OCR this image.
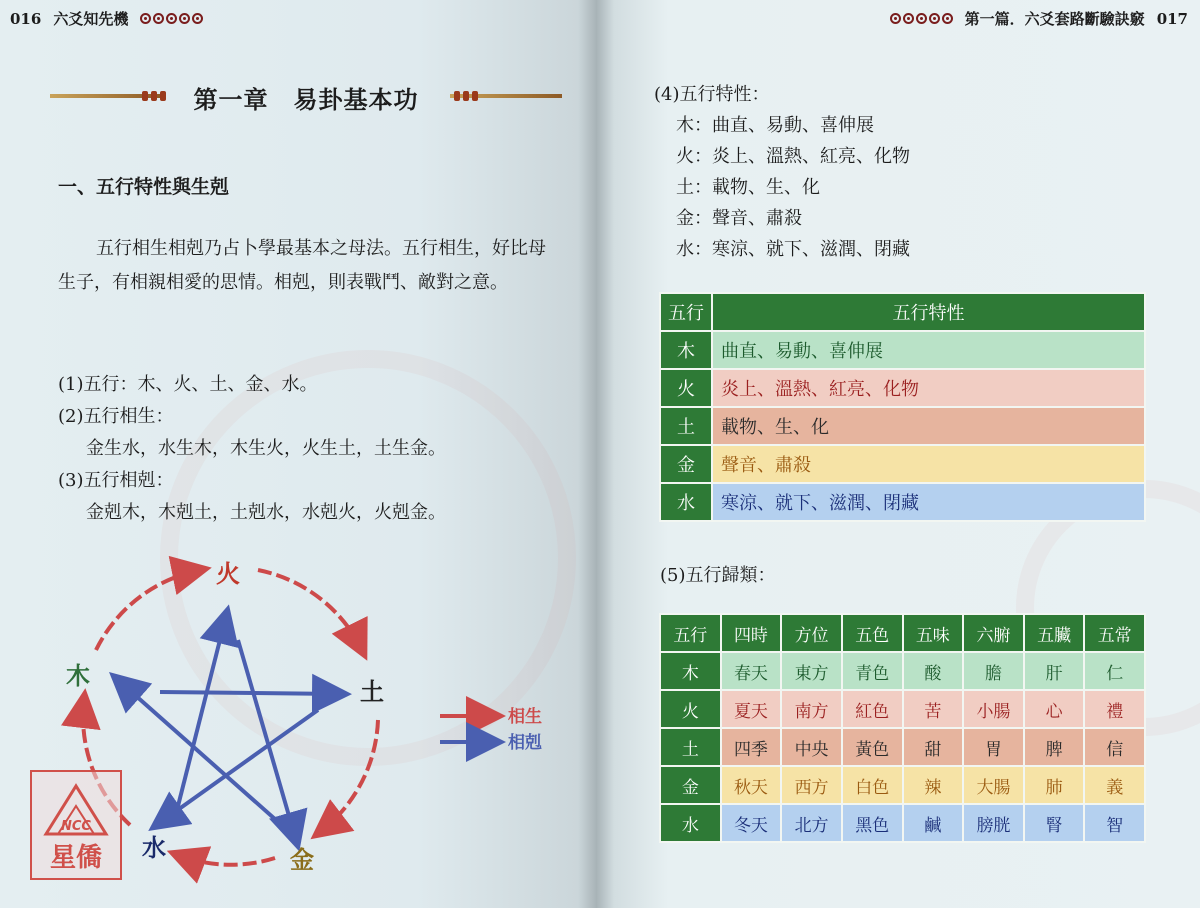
016 六爻知先機
第一章　易卦基本功
一、五行特性與生剋
五行相生相剋乃占卜學最基本之母法。五行相生，好比母生子，有相親相愛的思情。相剋，則表戰鬥、敵對之意。
(1)五行：木、火、土、金、水。
(2)五行相生：
金生水，水生木，木生火，火生土，土生金。
(3)五行相剋：
金剋木，木剋土，土剋水，水剋火，火剋金。
火
土
金
水
木
相生
相剋
NCC
星僑
第一篇．六爻套路斷驗訣竅 017
(4)五行特性：
木：曲直、易動、喜伸展
火：炎上、溫熱、紅亮、化物
土：載物、生、化
金：聲音、肅殺
水：寒涼、就下、滋潤、閉藏
五行	五行特性
木	曲直、易動、喜伸展
火	炎上、溫熱、紅亮、化物
土	載物、生、化
金	聲音、肅殺
水	寒涼、就下、滋潤、閉藏
(5)五行歸類：
五行	四時	方位	五色	五味	六腑	五臟	五常
木	春天	東方	青色	酸	膽	肝	仁
火	夏天	南方	紅色	苦	小腸	心	禮
土	四季	中央	黃色	甜	胃	脾	信
金	秋天	西方	白色	辣	大腸	肺	義
水	冬天	北方	黑色	鹹	膀胱	腎	智
